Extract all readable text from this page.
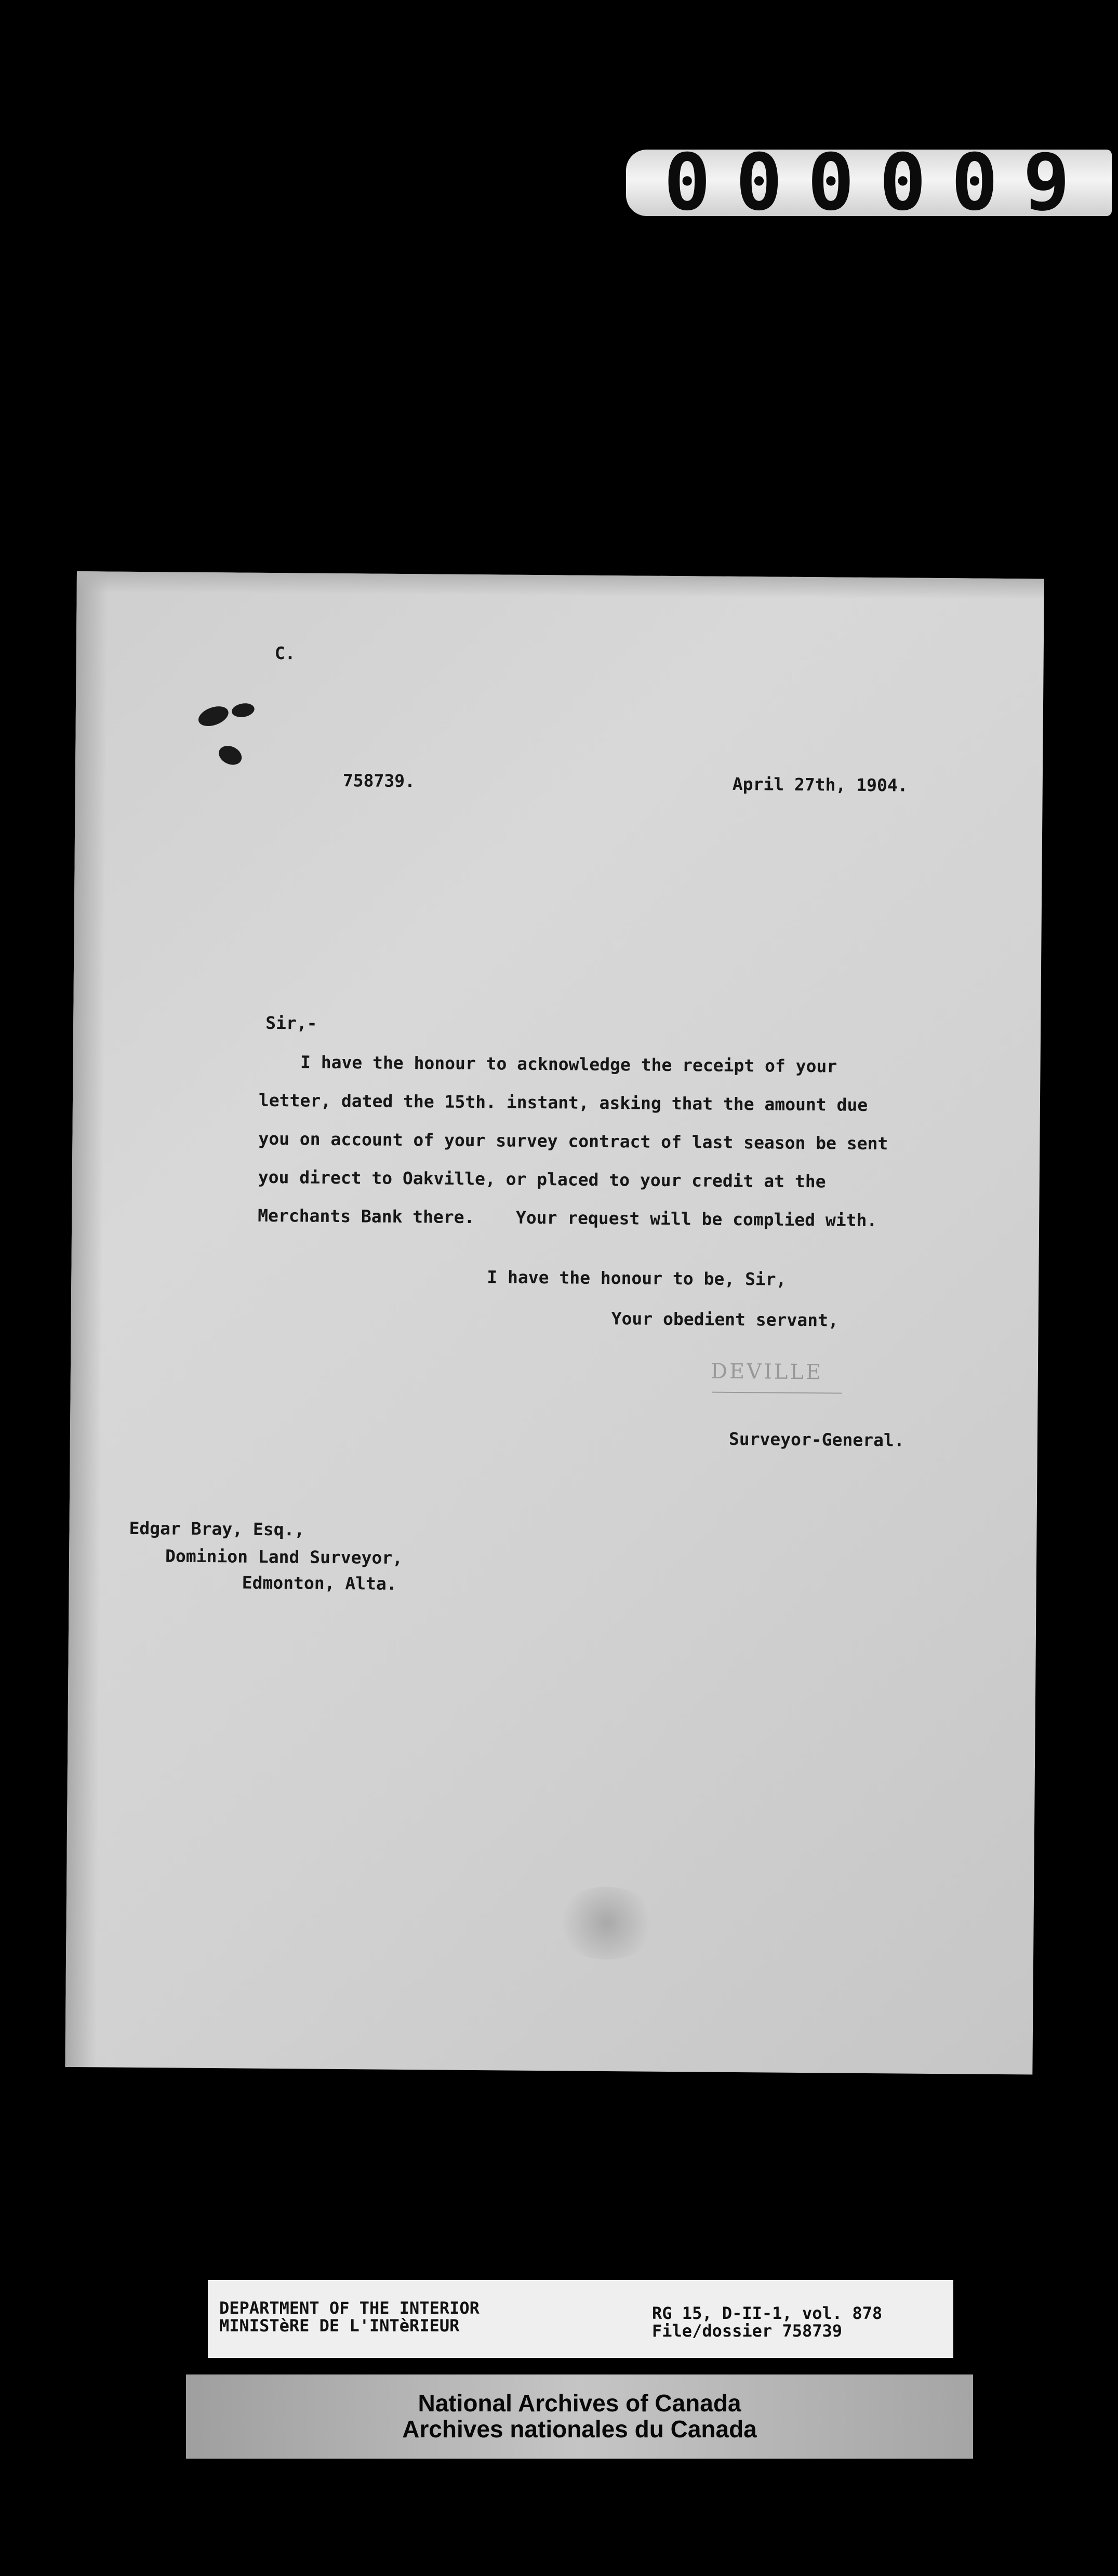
000009
C.
758739.	April 27th, 1904.
Sir,-
I have the honour to acknowledge the receipt of your
letter, dated the 15th. instant, asking that the amount due
you on account of your survey contract of last season be sent
you direct to Oakville, or placed to your credit at the
Merchants Bank there.    Your request will be complied with.
I have the honour to be, Sir,
Your obedient servant,
DEVILLE
Surveyor-General.
Edgar Bray, Esq.,
Dominion Land Surveyor,
Edmonton, Alta.
DEPARTMENT OF THE INTERIOR
MINISTèRE DE L'INTèRIEUR
RG 15, D-II-1, vol. 878
File/dossier 758739
National Archives of Canada
Archives nationales du Canada
